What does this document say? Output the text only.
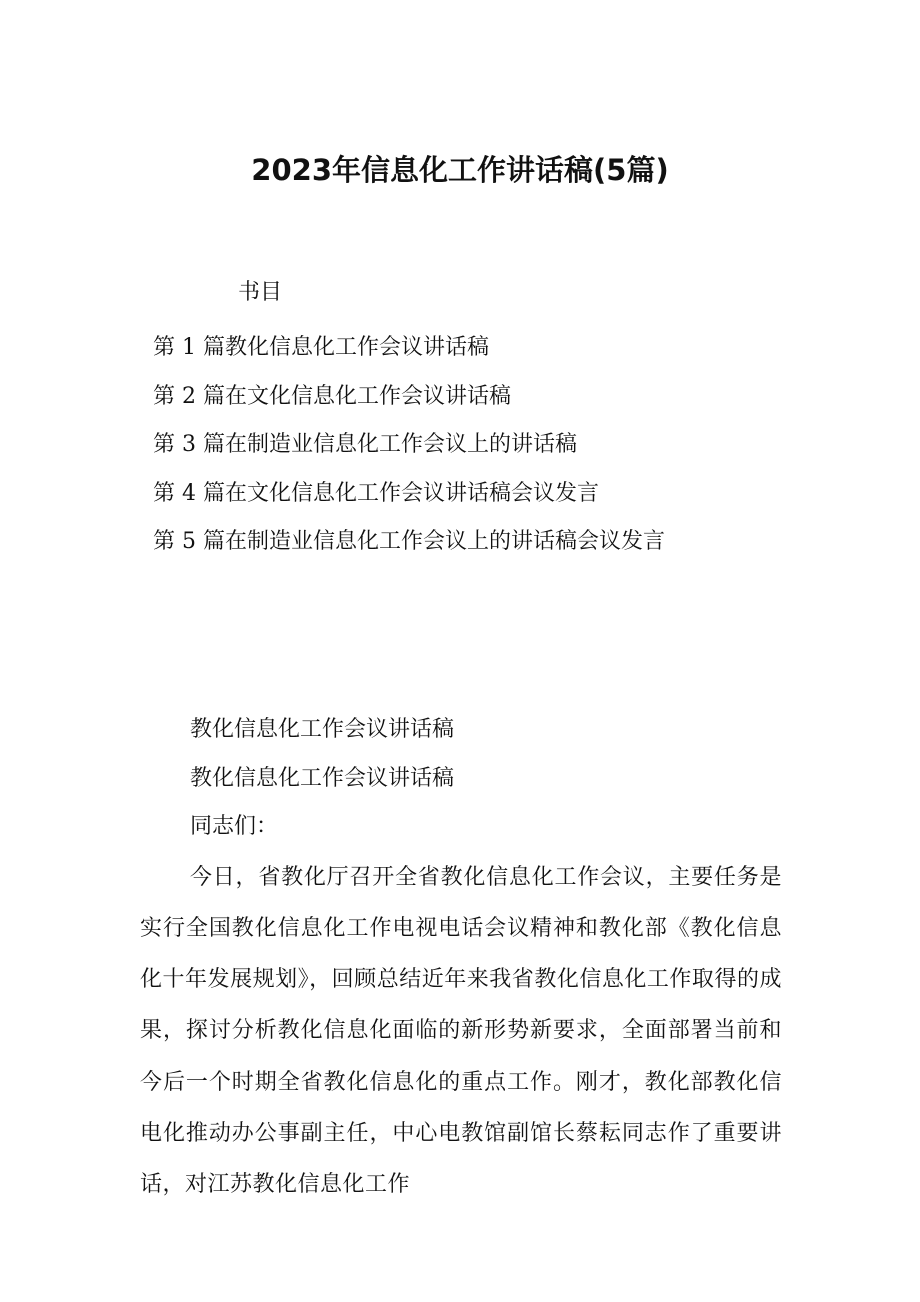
2023年信息化工作讲话稿(5篇)
书目
第 1 篇教化信息化工作会议讲话稿
第 2 篇在文化信息化工作会议讲话稿
第 3 篇在制造业信息化工作会议上的讲话稿
第 4 篇在文化信息化工作会议讲话稿会议发言
第 5 篇在制造业信息化工作会议上的讲话稿会议发言
教化信息化工作会议讲话稿
教化信息化工作会议讲话稿
同志们：

今日，省教化厅召开全省教化信息化工作会议，主要任务是实行全国教化信息化工作电视电话会议精神和教化部《教化信息化十年发展规划》，回顾总结近年来我省教化信息化工作取得的成果，探讨分析教化信息化面临的新形势新要求，全面部署当前和今后一个时期全省教化信息化的重点工作。刚才，教化部教化信电化推动办公事副主任，中心电教馆副馆长蔡耘同志作了重要讲话，对江苏教化信息化工作
